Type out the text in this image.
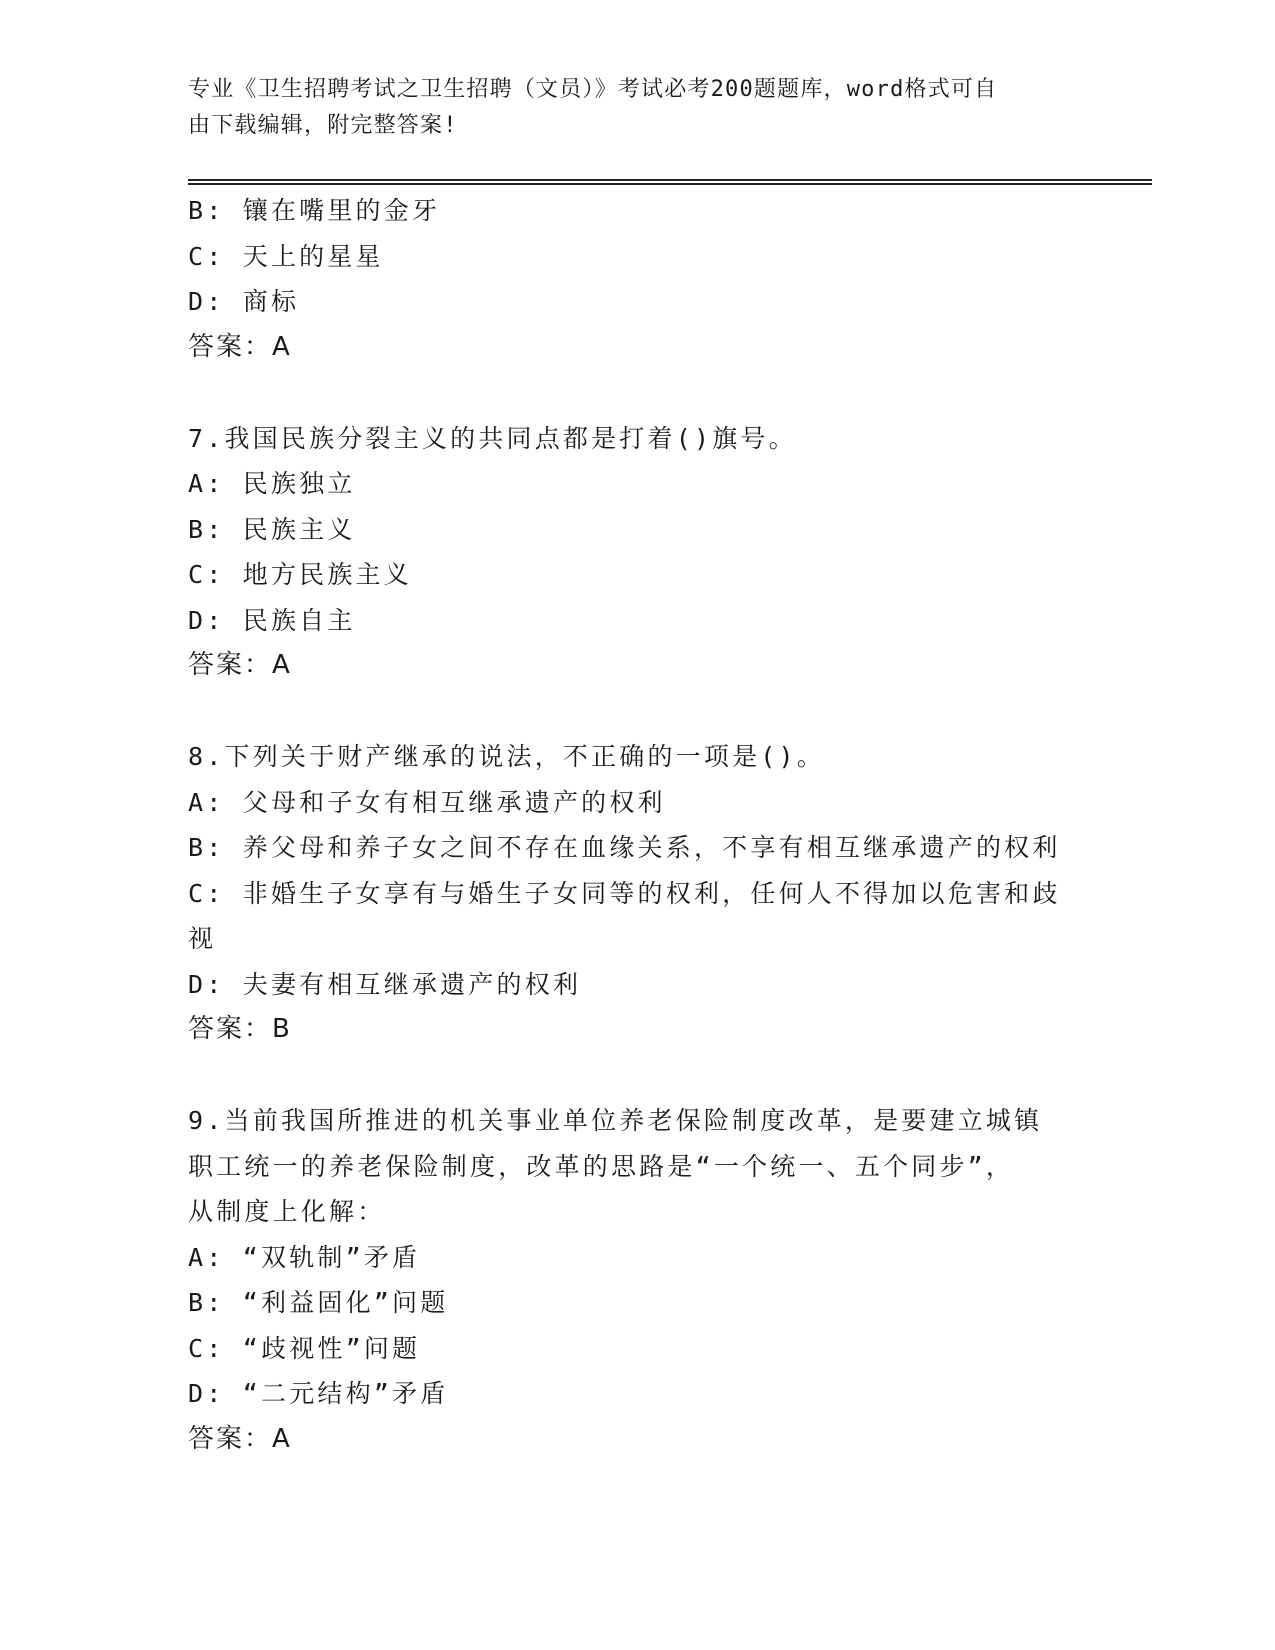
专业《卫生招聘考试之卫生招聘（文员）》考试必考200题题库，word格式可自
由下载编辑，附完整答案!
B: 镶在嘴里的金牙
C: 天上的星星
D: 商标
答案：A
7.我国民族分裂主义的共同点都是打着()旗号。
A: 民族独立
B: 民族主义
C: 地方民族主义
D: 民族自主
答案：A
8.下列关于财产继承的说法，不正确的一项是()。
A: 父母和子女有相互继承遗产的权利
B: 养父母和养子女之间不存在血缘关系，不享有相互继承遗产的权利
C: 非婚生子女享有与婚生子女同等的权利，任何人不得加以危害和歧
视
D: 夫妻有相互继承遗产的权利
答案：B
9.当前我国所推进的机关事业单位养老保险制度改革，是要建立城镇
职工统一的养老保险制度，改革的思路是“一个统一、五个同步”，
从制度上化解：
A: “双轨制”矛盾
B: “利益固化”问题
C: “歧视性”问题
D: “二元结构”矛盾
答案：A
